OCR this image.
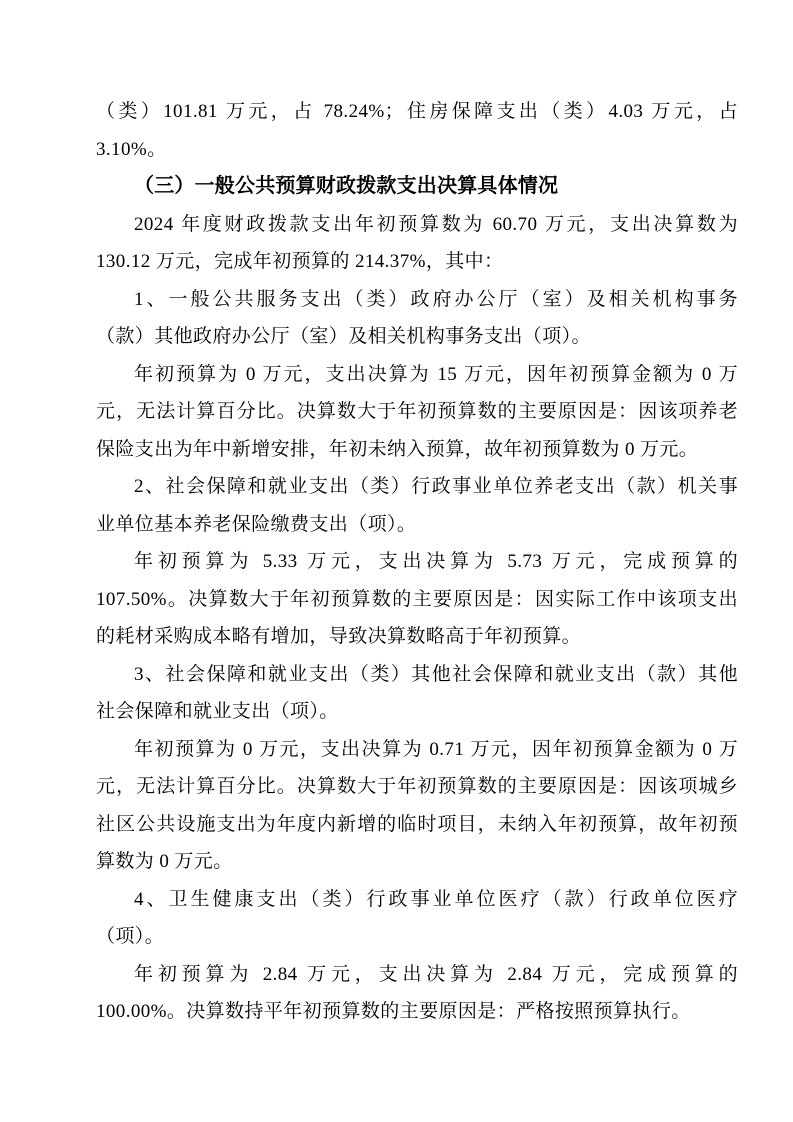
（类）101.81 万元，占 78.24%；住房保障支出（类）4.03 万元，占
3.10%。
（三）一般公共预算财政拨款支出决算具体情况
2024 年度财政拨款支出年初预算数为 60.70 万元，支出决算数为
130.12 万元，完成年初预算的 214.37%，其中：
1、一般公共服务支出（类）政府办公厅（室）及相关机构事务
（款）其他政府办公厅（室）及相关机构事务支出（项）。
年初预算为 0 万元，支出决算为 15 万元，因年初预算金额为 0 万
元，无法计算百分比。决算数大于年初预算数的主要原因是：因该项养老
保险支出为年中新增安排，年初未纳入预算，故年初预算数为 0 万元。
2、社会保障和就业支出（类）行政事业单位养老支出（款）机关事
业单位基本养老保险缴费支出（项）。
年初预算为 5.33 万元，支出决算为 5.73 万元，完成预算的
107.50%。决算数大于年初预算数的主要原因是：因实际工作中该项支出
的耗材采购成本略有增加，导致决算数略高于年初预算。
3、社会保障和就业支出（类）其他社会保障和就业支出（款）其他
社会保障和就业支出（项）。
年初预算为 0 万元，支出决算为 0.71 万元，因年初预算金额为 0 万
元，无法计算百分比。决算数大于年初预算数的主要原因是：因该项城乡
社区公共设施支出为年度内新增的临时项目，未纳入年初预算，故年初预
算数为 0 万元。
4、卫生健康支出（类）行政事业单位医疗（款）行政单位医疗
（项）。
年初预算为 2.84 万元，支出决算为 2.84 万元，完成预算的
100.00%。决算数持平年初预算数的主要原因是：严格按照预算执行。
